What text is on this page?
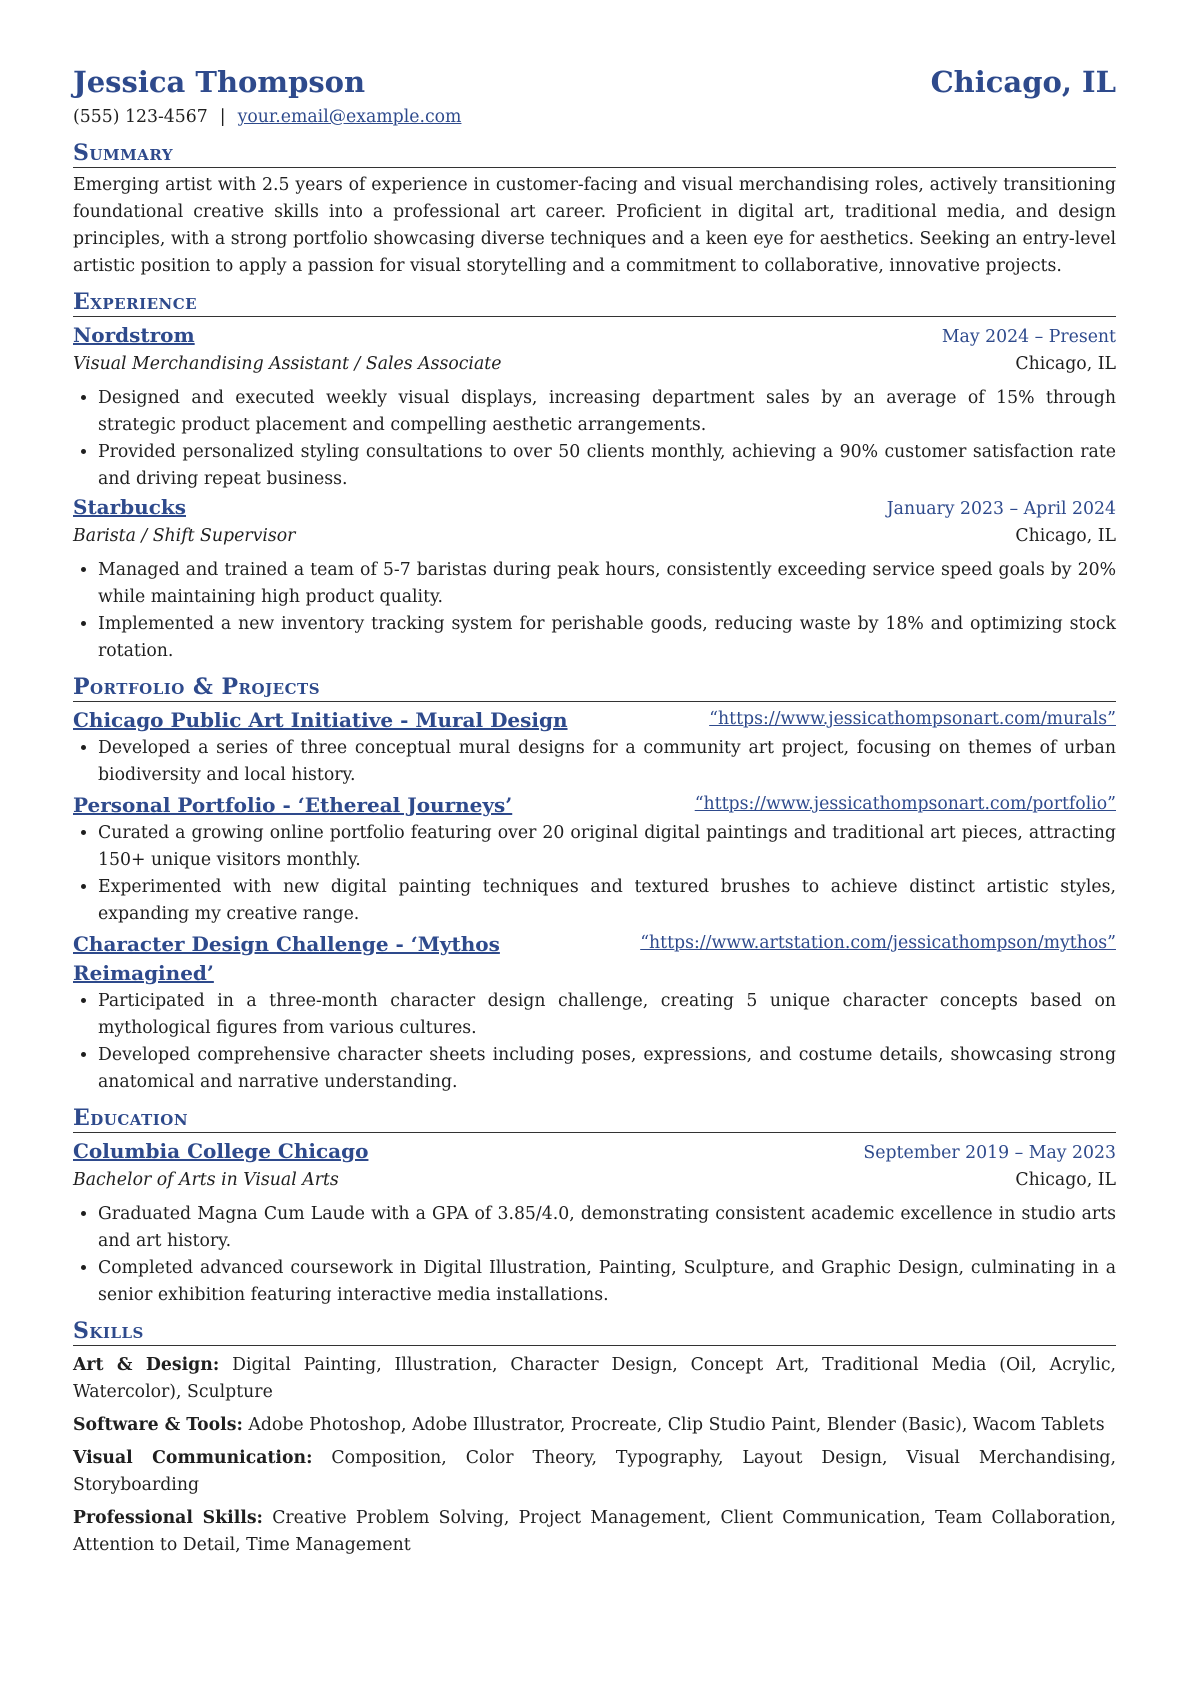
Jessica Thompson	Chicago, IL
(555) 123-4567 | your.email@example.com
Summary
Emerging artist with 2.5 years of experience in customer-facing and visual merchandising roles, actively transitioning foundational creative skills into a professional art career. Proficient in digital art, traditional media, and design principles, with a strong portfolio showcasing diverse techniques and a keen eye for aesthetics. Seeking an entry-level artistic position to apply a passion for visual storytelling and a commitment to collaborative, innovative projects.
Experience
Nordstrom	May 2024 – Present
Visual Merchandising Assistant / Sales Associate	Chicago, IL
• Designed and executed weekly visual displays, increasing department sales by an average of 15% through strategic product placement and compelling aesthetic arrangements.
• Provided personalized styling consultations to over 50 clients monthly, achieving a 90% customer satisfaction rate and driving repeat business.
Starbucks	January 2023 – April 2024
Barista / Shift Supervisor	Chicago, IL
• Managed and trained a team of 5-7 baristas during peak hours, consistently exceeding service speed goals by 20% while maintaining high product quality.
• Implemented a new inventory tracking system for perishable goods, reducing waste by 18% and optimizing stock rotation.
Portfolio & Projects
Chicago Public Art Initiative - Mural Design	“https://www.jessicathompsonart.com/murals”
• Developed a series of three conceptual mural designs for a community art project, focusing on themes of urban biodiversity and local history.
Personal Portfolio - ‘Ethereal Journeys’	“https://www.jessicathompsonart.com/portfolio”
• Curated a growing online portfolio featuring over 20 original digital paintings and traditional art pieces, attracting 150+ unique visitors monthly.
• Experimented with new digital painting techniques and textured brushes to achieve distinct artistic styles, expanding my creative range.
Character Design Challenge - ‘Mythos Reimagined’
“https://www.artstation.com/jessicathompson/mythos”
• Participated in a three-month character design challenge, creating 5 unique character concepts based on mythological figures from various cultures.
• Developed comprehensive character sheets including poses, expressions, and costume details, showcasing strong anatomical and narrative understanding.
Education
Columbia College Chicago	September 2019 – May 2023
Bachelor of Arts in Visual Arts	Chicago, IL
• Graduated Magna Cum Laude with a GPA of 3.85/4.0, demonstrating consistent academic excellence in studio arts and art history.
• Completed advanced coursework in Digital Illustration, Painting, Sculpture, and Graphic Design, culminating in a senior exhibition featuring interactive media installations.
Skills
Art & Design: Digital Painting, Illustration, Character Design, Concept Art, Traditional Media (Oil, Acrylic, Watercolor), Sculpture
Software & Tools: Adobe Photoshop, Adobe Illustrator, Procreate, Clip Studio Paint, Blender (Basic), Wacom Tablets
Visual Communication: Composition, Color Theory, Typography, Layout Design, Visual Merchandising, Storyboarding
Professional Skills: Creative Problem Solving, Project Management, Client Communication, Team Collaboration, Attention to Detail, Time Management
